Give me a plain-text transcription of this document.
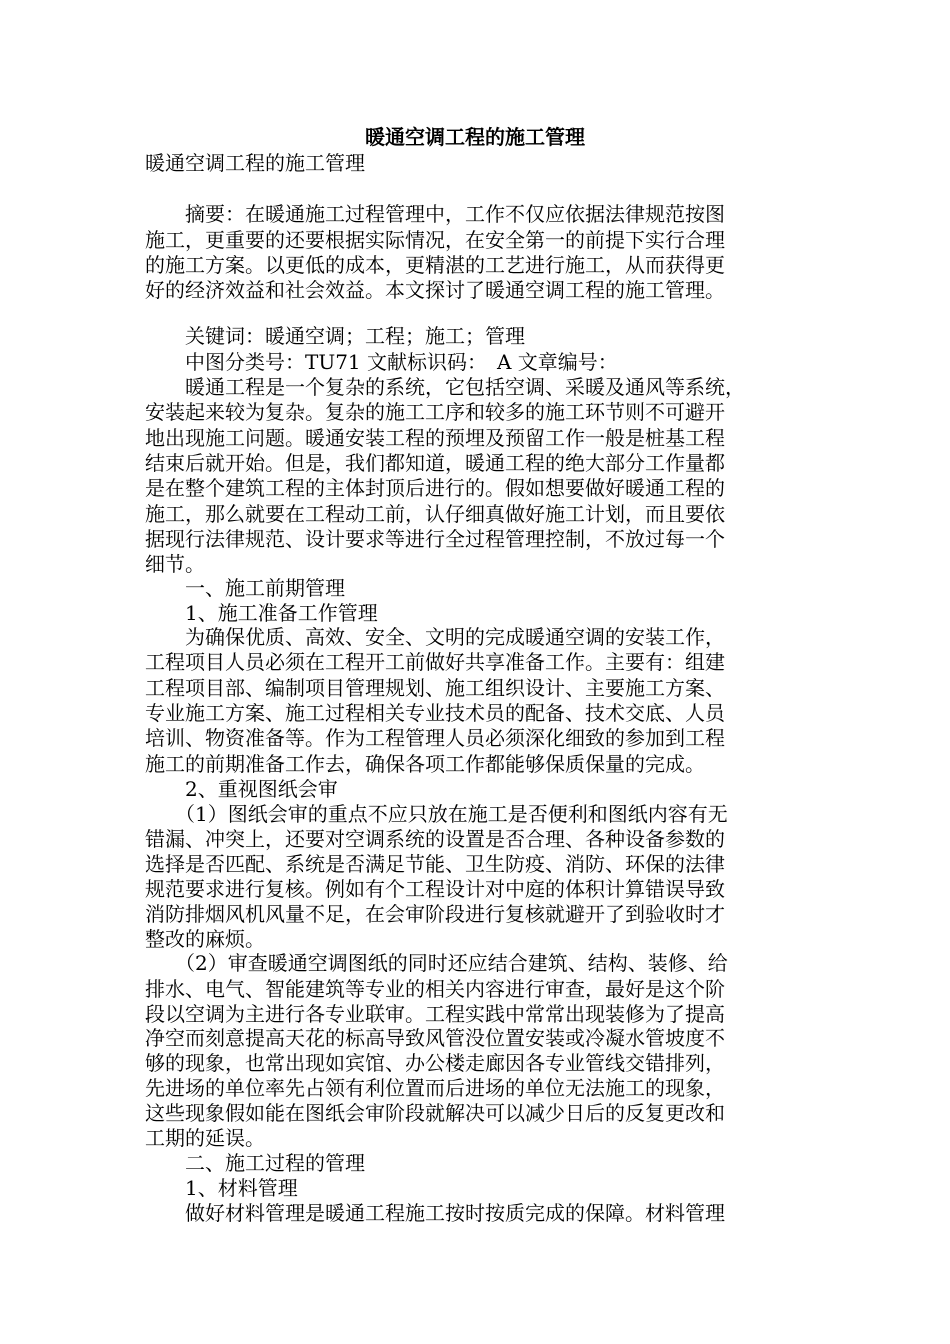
暖通空调工程的施工管理
暖通空调工程的施工管理
　　摘要：在暖通施工过程管理中，工作不仅应依据法律规范按图
施工，更重要的还要根据实际情况，在安全第一的前提下实行合理
的施工方案。以更低的成本，更精湛的工艺进行施工，从而获得更
好的经济效益和社会效益。本文探讨了暖通空调工程的施工管理。
　　关键词：暖通空调；工程；施工；管理
　　中图分类号：TU71 文献标识码：　A 文章编号：
　　暖通工程是一个复杂的系统，它包括空调、采暖及通风等系统，
安装起来较为复杂。复杂的施工工序和较多的施工环节则不可避开
地出现施工问题。暖通安装工程的预埋及预留工作一般是桩基工程
结束后就开始。但是，我们都知道，暖通工程的绝大部分工作量都
是在整个建筑工程的主体封顶后进行的。假如想要做好暖通工程的
施工，那么就要在工程动工前，认仔细真做好施工计划，而且要依
据现行法律规范、设计要求等进行全过程管理控制，不放过每一个
细节。
　　一、施工前期管理
　　1、施工准备工作管理
　　为确保优质、高效、安全、文明的完成暖通空调的安装工作，
工程项目人员必须在工程开工前做好共享准备工作。主要有：组建
工程项目部、编制项目管理规划、施工组织设计、主要施工方案、
专业施工方案、施工过程相关专业技术员的配备、技术交底、人员
培训、物资准备等。作为工程管理人员必须深化细致的参加到工程
施工的前期准备工作去，确保各项工作都能够保质保量的完成。
　　2、重视图纸会审
　　（1）图纸会审的重点不应只放在施工是否便利和图纸内容有无
错漏、冲突上，还要对空调系统的设置是否合理、各种设备参数的
选择是否匹配、系统是否满足节能、卫生防疫、消防、环保的法律
规范要求进行复核。例如有个工程设计对中庭的体积计算错误导致
消防排烟风机风量不足，在会审阶段进行复核就避开了到验收时才
整改的麻烦。
　　（2）审查暖通空调图纸的同时还应结合建筑、结构、装修、给
排水、电气、智能建筑等专业的相关内容进行审查，最好是这个阶
段以空调为主进行各专业联审。工程实践中常常出现装修为了提高
净空而刻意提高天花的标高导致风管没位置安装或冷凝水管坡度不
够的现象，也常出现如宾馆、办公楼走廊因各专业管线交错排列，
先进场的单位率先占领有利位置而后进场的单位无法施工的现象，
这些现象假如能在图纸会审阶段就解决可以减少日后的反复更改和
工期的延误。
　　二、施工过程的管理
　　1、材料管理
　　做好材料管理是暖通工程施工按时按质完成的保障。材料管理
